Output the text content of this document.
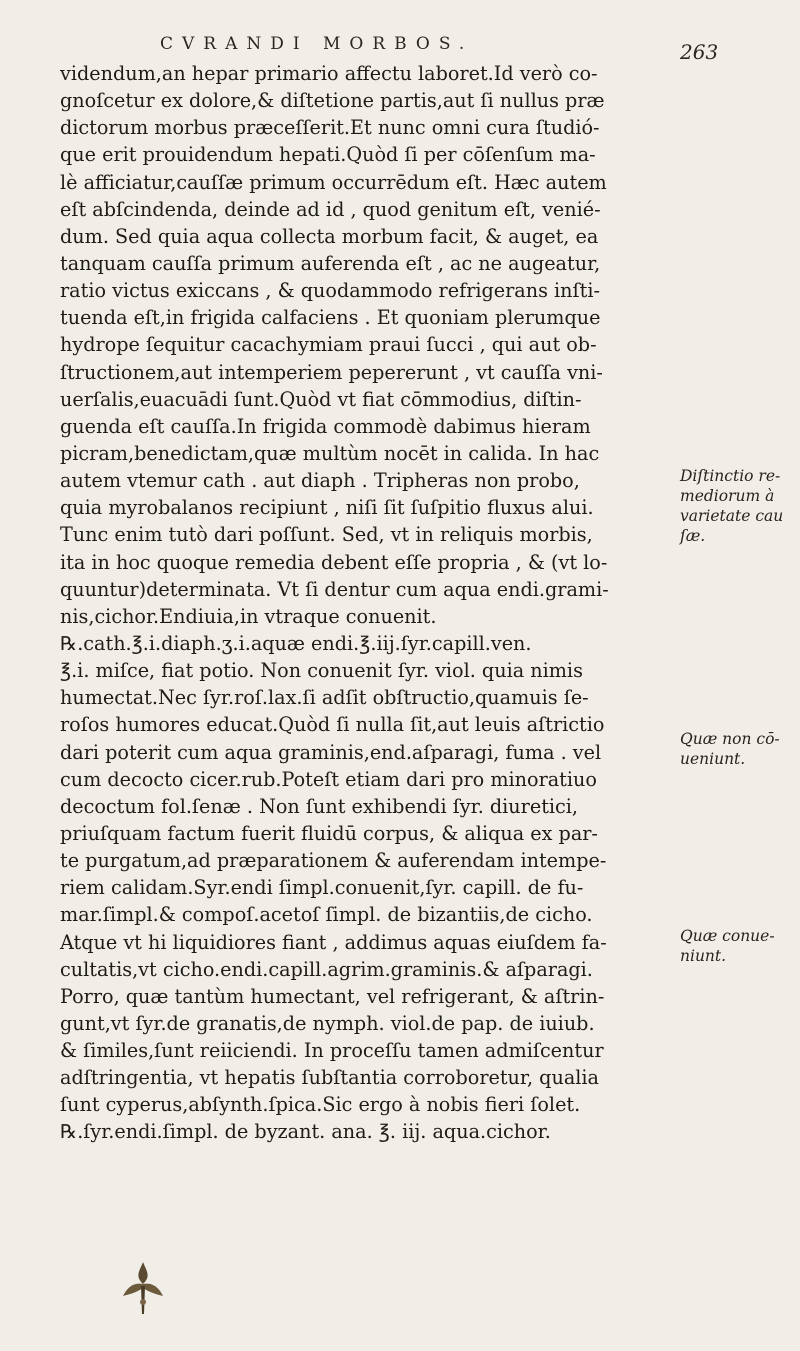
CVRANDI MORBOS.	263
videndum,an hepar primario affectu laboret.Id verò co-
gnoſcetur ex dolore,& diſtetione partis,aut ſi nullus præ
dictorum morbus præceſſerit.Et nunc omni cura ſtudió-
que erit prouidendum hepati.Quòd ſi per cōſenſum ma-
lè afficiatur,cauſſæ primum occurrēdum eſt. Hæc autem
eſt abſcindenda, deinde ad id , quod genitum eſt, venié-
dum. Sed quia aqua collecta morbum facit, & auget, ea
tanquam cauſſa primum auferenda eſt , ac ne augeatur,
ratio victus exiccans , & quodammodo refrigerans inſti-
tuenda eſt,in frigida calfaciens . Et quoniam plerumque
hydrope ſequitur cacachymiam praui ſucci , qui aut ob-
ſtructionem,aut intemperiem pepererunt , vt cauſſa vni-
uerſalis,euacuādi ſunt.Quòd vt fiat cōmmodius, diſtin-
guenda eſt cauſſa.In frigida commodè dabimus hieram
picram,benedictam,quæ multùm nocēt in calida. In hac
autem vtemur cath . aut diaph . Tripheras non probo,
quia myrobalanos recipiunt , niſi ſit ſuſpitio fluxus alui.
Tunc enim tutò dari poſſunt. Sed, vt in reliquis morbis,
ita in hoc quoque remedia debent eſſe propria , & (vt lo-
quuntur)determinata. Vt ſi dentur cum aqua endi.grami-
nis,cichor.Endiuia,in vtraque conuenit.
℞.cath.℥.i.diaph.ʒ.i.aquæ endi.℥.iij.ſyr.capill.ven.
℥.i. miſce, fiat potio. Non conuenit ſyr. viol. quia nimis
humectat.Nec ſyr.roſ.lax.ſi adſit obſtructio,quamuis ſe-
roſos humores educat.Quòd ſi nulla ſit,aut leuis aſtrictio
dari poterit cum aqua graminis,end.aſparagi, fuma . vel
cum decocto cicer.rub.Poteſt etiam dari pro minoratiuo
decoctum fol.ſenæ . Non ſunt exhibendi ſyr. diuretici,
priuſquam factum fuerit fluidū corpus, & aliqua ex par-
te purgatum,ad præparationem & auferendam intempe-
riem calidam.Syr.endi ſimpl.conuenit,ſyr. capill. de fu-
mar.ſimpl.& compoſ.acetoſ ſimpl. de bizantiis,de cicho.
Atque vt hi liquidiores fiant , addimus aquas eiuſdem fa-
cultatis,vt cicho.endi.capill.agrim.graminis.& aſparagi.
Porro, quæ tantùm humectant, vel refrigerant, & aſtrin-
gunt,vt ſyr.de granatis,de nymph. viol.de pap. de iuiub.
& ſimiles,ſunt reiiciendi. In proceſſu tamen admiſcentur
adſtringentia, vt hepatis ſubſtantia corroboretur, qualia
ſunt cyperus,abſynth.ſpica.Sic ergo à nobis fieri ſolet.
℞.ſyr.endi.ſimpl. de byzant. ana. ℥. iij. aqua.cichor.
Diſtinctio re-
mediorum à
varietate cau
ſæ.
Quæ non cō-
ueniunt.
Quæ conue-
niunt.
